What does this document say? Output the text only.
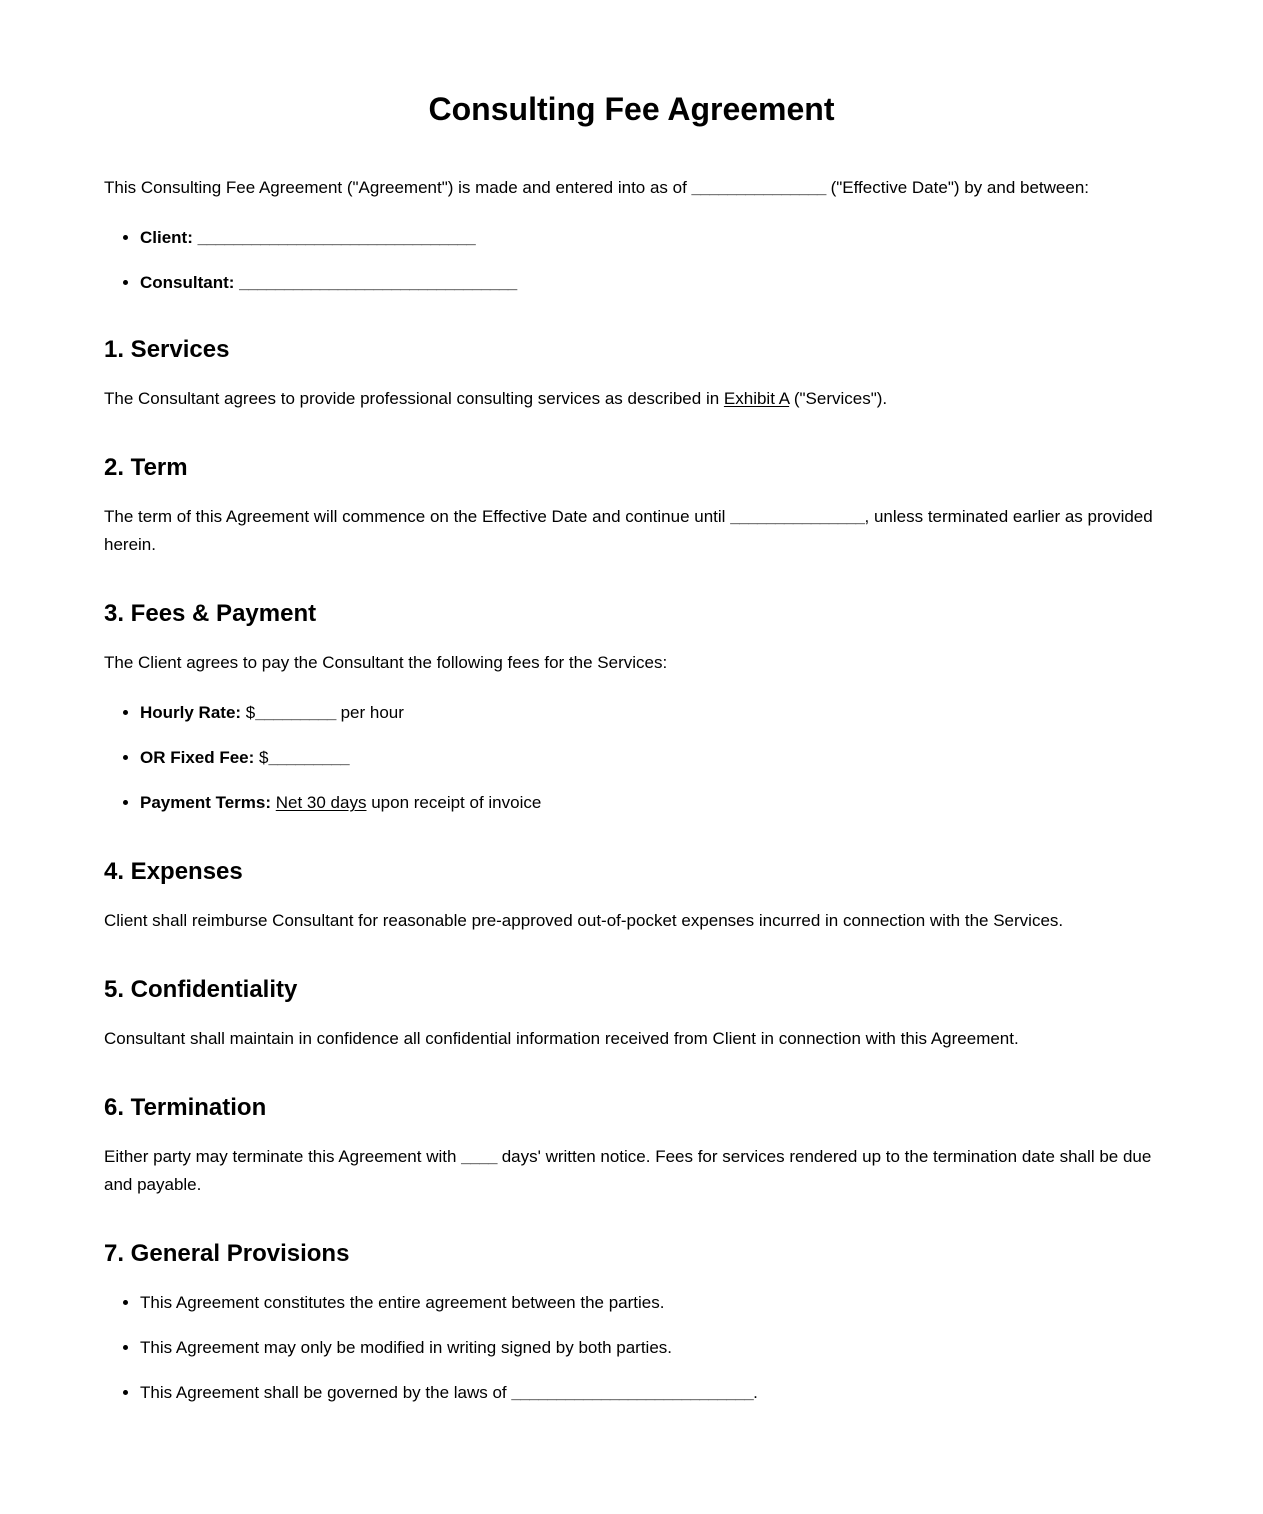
Consulting Fee Agreement

This Consulting Fee Agreement ("Agreement") is made and entered into as of _______________ ("Effective Date") by and between:

• Client: _______________________________
• Consultant: _______________________________
1. Services

The Consultant agrees to provide professional consulting services as described in Exhibit A ("Services").

2. Term

The term of this Agreement will commence on the Effective Date and continue until _______________, unless terminated earlier as provided herein.

3. Fees & Payment

The Client agrees to pay the Consultant the following fees for the Services:

• Hourly Rate: $_________ per hour
• OR Fixed Fee: $_________
• Payment Terms: Net 30 days upon receipt of invoice
4. Expenses

Client shall reimburse Consultant for reasonable pre-approved out-of-pocket expenses incurred in connection with the Services.

5. Confidentiality

Consultant shall maintain in confidence all confidential information received from Client in connection with this Agreement.

6. Termination

Either party may terminate this Agreement with ____ days' written notice. Fees for services rendered up to the termination date shall be due and payable.

7. General Provisions
• This Agreement constitutes the entire agreement between the parties.
• This Agreement may only be modified in writing signed by both parties.
• This Agreement shall be governed by the laws of ___________________________.
